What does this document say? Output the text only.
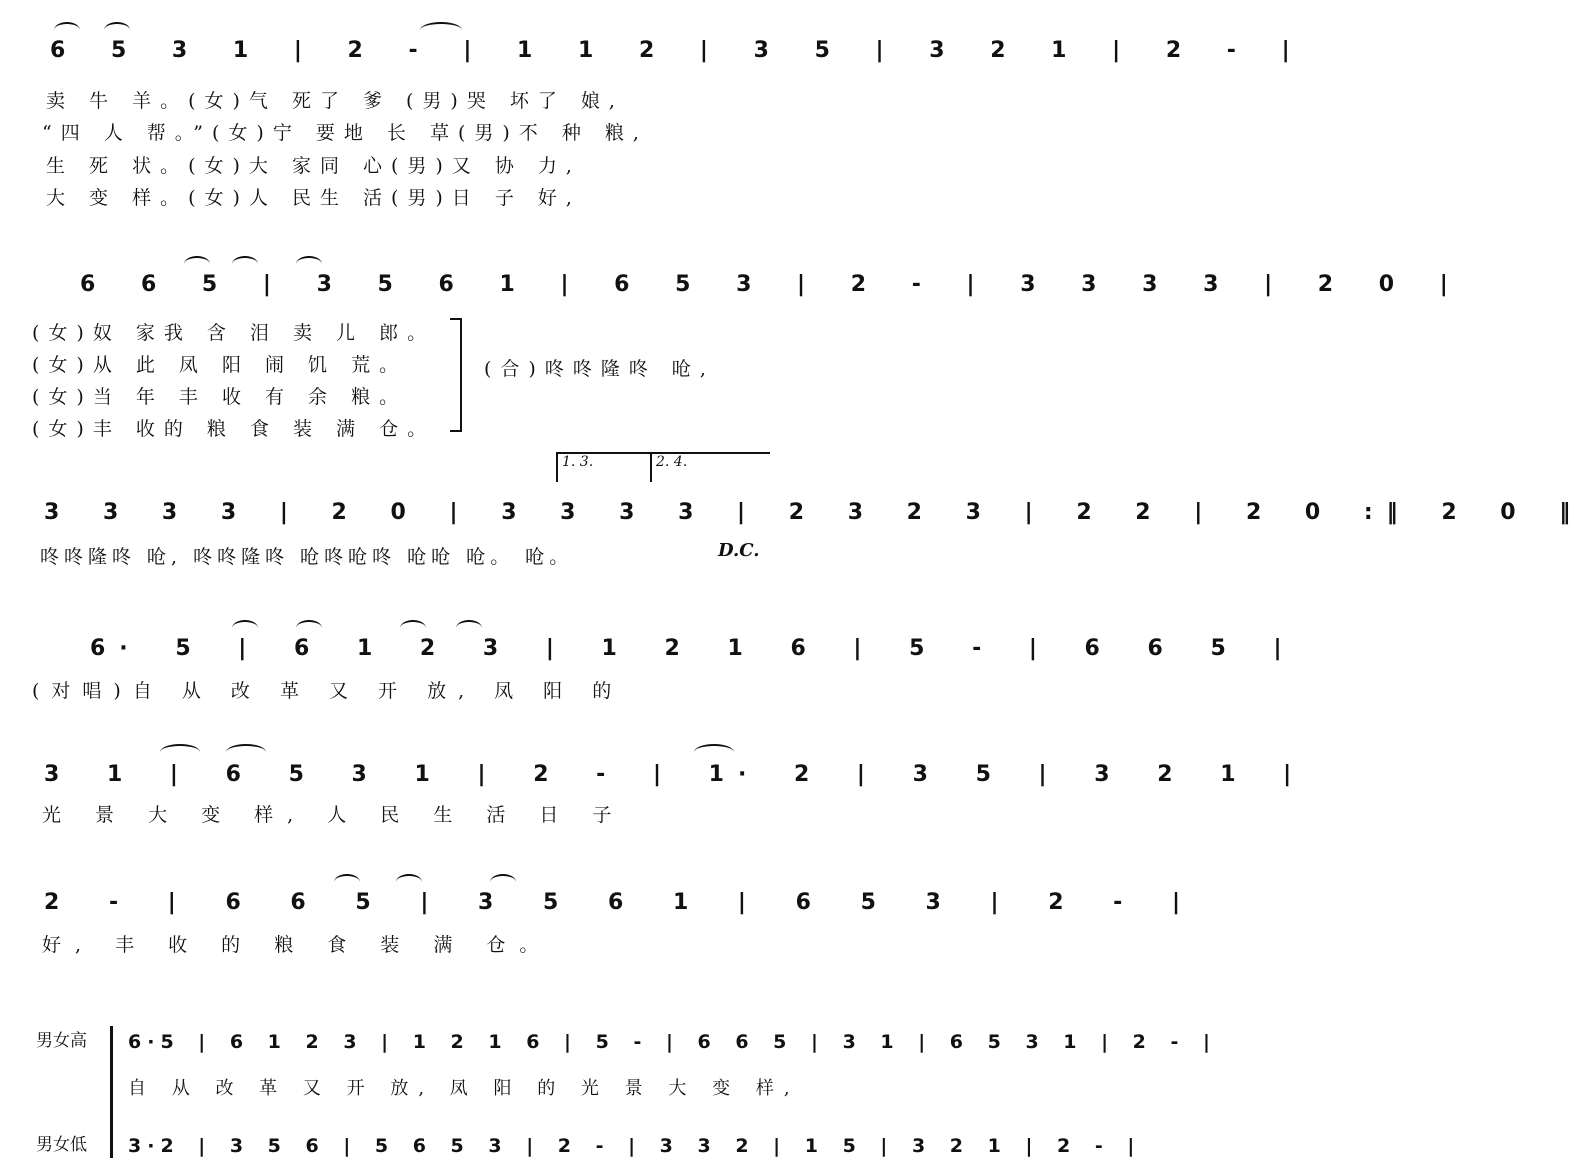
6 5 3 1 | 2 - | 1 1 2 | 3 5 | 3 2 1 | 2 - |
卖 牛 羊。(女)气 死了 爹 (男)哭 坏了 娘,
“四 人 帮。”(女)宁 要地 长 草(男)不 种 粮,
生 死 状。(女)大 家同 心(男)又 协 力,
大 变 样。(女)人 民生 活(男)日 子 好,
6 6 5 | 3 5 6 1 | 6 5 3 | 2 - | 3 3 3 3 | 2 0 |
(女)奴 家我 含 泪 卖 儿 郎。
(女)从 此 凤 阳 闹 饥 荒。
(女)当 年 丰 收 有 余 粮。
(女)丰 收的 粮 食 装 满 仓。
(合)咚咚隆咚 呛,
1. 3.	2. 4.
3 3 3 3 | 2 0 | 3 3 3 3 | 2 3 2 3 | 2 2 | 2 0 :‖ 2 0 ‖
咚咚隆咚 呛, 咚咚隆咚 呛咚呛咚 呛呛 呛。 呛。	D.C.
6· 5 | 6 1 2 3 | 1 2 1 6 | 5 - | 6 6 5 |
(对唱)自 从 改 革 又 开 放, 凤 阳 的
3 1 | 6 5 3 1 | 2 - | 1· 2 | 3 5 | 3 2 1 |
光 景 大 变 样, 人 民 生 活 日 子
2 - | 6 6 5 | 3 5 6 1 | 6 5 3 | 2 - |
好, 丰 收 的 粮 食 装 满 仓。
男女高
男女低
6·5 | 6 1 2 3 | 1 2 1 6 | 5 - | 6 6 5 | 3 1 | 6 5 3 1 | 2 - |
自 从 改 革 又 开 放, 凤 阳 的 光 景 大 变 样,
3·2 | 3 5 6 | 5 6 5 3 | 2 - | 3 3 2 | 1 5 | 3 2 1 | 2 - |
